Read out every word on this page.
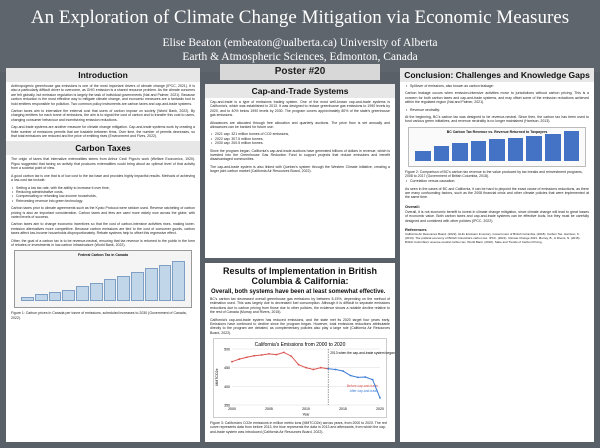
An Exploration of Climate Change Mitigation via Economic Measures
Elise Beaton (embeaton@ualberta.ca) University of Alberta
Earth & Atmospheric Sciences, Edmonton, Canada
Poster #20
Introduction

Anthropogenic greenhouse gas emissions is one of the most important drivers of climate change (IPCC, 2021). It is also a particularly difficult driver to overcome, as GHG emission is a shared resource problem. As the climate concerns are felt globally, but emission regulation is largely the task of individual governments (Nat and Palmer, 2021). Because carbon reduction is the most effective way to mitigate climate change, and economic measures are a fantastic tool to hold emitters responsible for pollution. Two common policy instruments are carbon taxes and cap-and-trade systems.

Carbon taxes aim to internalize the external cost that users of carbon impose on society (World Bank, 2022). By charging emitters for each tonne of emissions, the aim is to signal the cost of carbon and to transfer this cost to users, changing consumer behaviour and incentivizing emission reductions.

Cap-and-trade systems are another measure for climate change mitigation. Cap-and-trade systems work by creating a finite number of emissions permits that are tradable between firms. Over time, the number of permits decreases, so that total emissions are reduced and the price of emitting rises (Environment and Fives, 2022).

Carbon Taxes

The origin of taxes that internalize externalities stems from Arthur Cecil Pigou's work (Welfare Economics, 1920). Pigou suggested that taxing an activity that produces externalities could bring about an optimal level of that activity from a societal point of view.

A good carbon tax is one that is of low cost to the tax base and provides highly impactful results. Methods of achieving a low-cost tax include:

• Setting a low tax rate, with the ability to increase it over time,
• Reducing administrative costs,
• Compensating or refunding low-income households,
• Reinvesting revenue into green technology.

Carbon taxes prior to climate agreements such as the Kyoto Protocol were seldom used. Reverse ratcheting of carbon pricing is also an important consideration. Carbon taxes and fees are used more widely now across the globe, with varied levels of success.

Carbon taxes aim to change economic incentives so that the cost of carbon-intensive activities rises, making lower-emission alternatives more competitive. Because carbon emissions are tied to the cost of consumer goods, carbon taxes affect low-income households disproportionately. Rebate systems help to offset this regressive effect.

Other, the goal of a carbon tax is to be revenue-neutral, ensuring that tax revenue is returned to the public in the form of rebates or investments in low-carbon infrastructure (World Bank, 2022).

Federal Carbon Tax in Canada

Figure 1: Carbon prices in Canada per tonne of emissions, scheduled increases to 2030 (Government of Canada, 2022).

Cap-and-Trade Systems

Cap-and-trade is a type of emissions trading system. One of the most well-known cap-and-trade systems is California's, which was established in 2013. It was designed to reduce greenhouse gas emissions to 1990 levels by 2020, and to 40% below 1990 levels by 2030. The program covers approximately 80% of the state's greenhouse gas emissions.

Allowances are allocated through free allocation and quarterly auctions. The price floor is set annually and allowances can be banked for future use:

• 2021 cap: 321 million tonnes of CO2 emissions,
• 2022 cap: 307.5 million tonnes,
• 2030 cap: 200.5 million tonnes.

Since the program began, California's cap-and-trade auctions have generated billions of dollars in revenue, which is invested into the Greenhouse Gas Reduction Fund to support projects that reduce emissions and benefit disadvantaged communities.

The cap-and-trade system is also linked with Quebec's system through the Western Climate Initiative, creating a larger joint carbon market (California Air Resources Board, 2022).

Results of Implementation in British Columbia & California:
Overall, both systems have been at least somewhat effective.

BC's carbon tax decreased overall greenhouse gas emissions by between 5-15%, depending on the method of estimation used. This was largely due to decreased fuel consumption. Although it is difficult to separate emissions reductions due to carbon pricing from those due to other policies, the evidence shows a notable decline relative to the rest of Canada (Murray and Rivers, 2015).

California's cap-and-trade system has reduced emissions, and the state met its 2020 target four years early. Emissions have continued to decline since the program began. However, total emissions reductions attributable directly to the program are debated, as complementary policies also play a large role (California Air Resources Board, 2022).

California's Emissions from 2000 to 2020
350
400
450
500
2000	2005	2010	2015	2020
Year
MMTCO2e
2013 when the cap-and-trade system began
Before cap-and-trade
After cap-and-trade

Figure 3: California's CO2e emissions in million metric tons (MMTCO2e) across years, from 2000 to 2020. The red curve represents data from before 2013, the blue represents the data in 2013 and afterwards, from which the cap-and-trade system was introduced (California Air Resources Board, 2022).

Conclusion: Challenges and Knowledge Gaps
• Spillover of emissions, also known as carbon leakage:

Carbon leakage occurs when emission-intensive activities move to jurisdictions without carbon pricing. This is a concern for both carbon taxes and cap-and-trade systems, and may offset some of the emission reductions achieved within the regulated region (Nat and Palmer, 2021).

• Revenue neutrality:

At the beginning, BC's carbon tax was designed to be revenue-neutral. Since then, the carbon tax has been used to fund various green initiatives, and revenue neutrality is no longer maintained (Harrison, 2013).

BC Carbon Tax Revenue vs. Revenue Returned to Taxpayers

Figure 2: Comparison of BC's carbon tax revenue to the value produced by tax breaks and reinvestment programs, 2008 to 2017 (Government of British Columbia, 2018).

• Correlation versus causation:

As seen in the cases of BC and California, it can be hard to pinpoint the exact cause of emissions reductions, as there are many confounding factors, such as the 2008 financial crisis and other climate policies that were implemented at the same time.

Overall:

Overall, it is not economic benefit to invest in climate change mitigation, since climate change will lead to great losses of economic value. Both carbon taxes and cap-and-trade systems can be effective tools, but they must be carefully designed and combined with other policies (IPCC, 2022).

References

California Air Resources Board. (2022). GHG Emission Inventory. Government of British Columbia. (2018). Carbon Tax. Harrison, K. (2013). The political economy of British Columbia's carbon tax. IPCC. (2021). Climate Change 2021. Murray, B., & Rivers, N. (2015). British Columbia's revenue-neutral carbon tax. World Bank. (2022). State and Trends of Carbon Pricing.
